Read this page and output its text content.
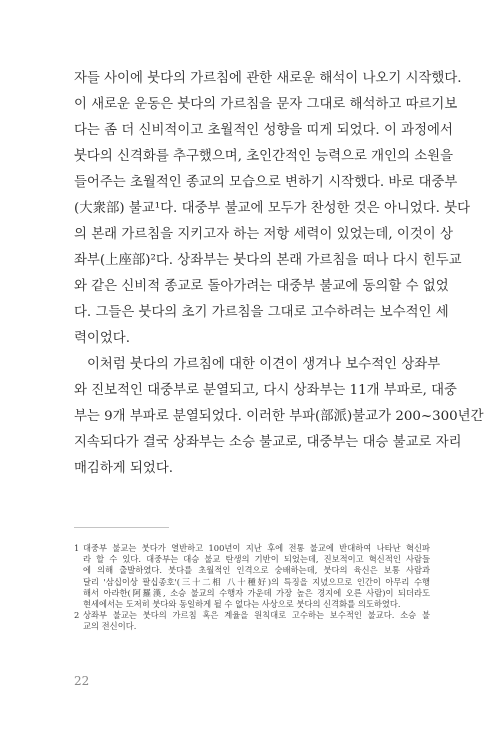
자들 사이에 붓다의 가르침에 관한 새로운 해석이 나오기 시작했다.
이 새로운 운동은 붓다의 가르침을 문자 그대로 해석하고 따르기보
다는 좀 더 신비적이고 초월적인 성향을 띠게 되었다. 이 과정에서
붓다의 신격화를 추구했으며, 초인간적인 능력으로 개인의 소원을
들어주는 초월적인 종교의 모습으로 변하기 시작했다. 바로 대중부
(大衆部) 불교¹다. 대중부 불교에 모두가 찬성한 것은 아니었다. 붓다
의 본래 가르침을 지키고자 하는 저항 세력이 있었는데, 이것이 상
좌부(上座部)²다. 상좌부는 붓다의 본래 가르침을 떠나 다시 힌두교
와 같은 신비적 종교로 돌아가려는 대중부 불교에 동의할 수 없었
다. 그들은 붓다의 초기 가르침을 그대로 고수하려는 보수적인 세
력이었다.
이처럼 붓다의 가르침에 대한 이견이 생겨나 보수적인 상좌부
와 진보적인 대중부로 분열되고, 다시 상좌부는 11개 부파로, 대중
부는 9개 부파로 분열되었다. 이러한 부파(部派)불교가 200~300년간
지속되다가 결국 상좌부는 소승 불교로, 대중부는 대승 불교로 자리
매김하게 되었다.
1 대중부 불교는 붓다가 열반하고 100년이 지난 후에 전통 불교에 반대하여 나타난 혁신파
라 할 수 있다. 대중부는 대승 불교 탄생의 기반이 되었는데, 진보적이고 혁신적인 사람들
에 의해 출발하였다. 붓다를 초월적인 인격으로 숭배하는데, 붓다의 육신은 보통 사람과
달리 '삼십이상 팔십종호'(三十二相 八十種好)의 특징을 지녔으므로 인간이 아무리 수행
해서 아라한(阿羅漢, 소승 불교의 수행자 가운데 가장 높은 경지에 오른 사람)이 되더라도
현세에서는 도저히 붓다와 동일하게 될 수 없다는 사상으로 붓다의 신격화를 의도하였다.
2 상좌부 불교는 붓다의 가르침 혹은 계율을 원칙대로 고수하는 보수적인 불교다. 소승 불
교의 전신이다.
22
